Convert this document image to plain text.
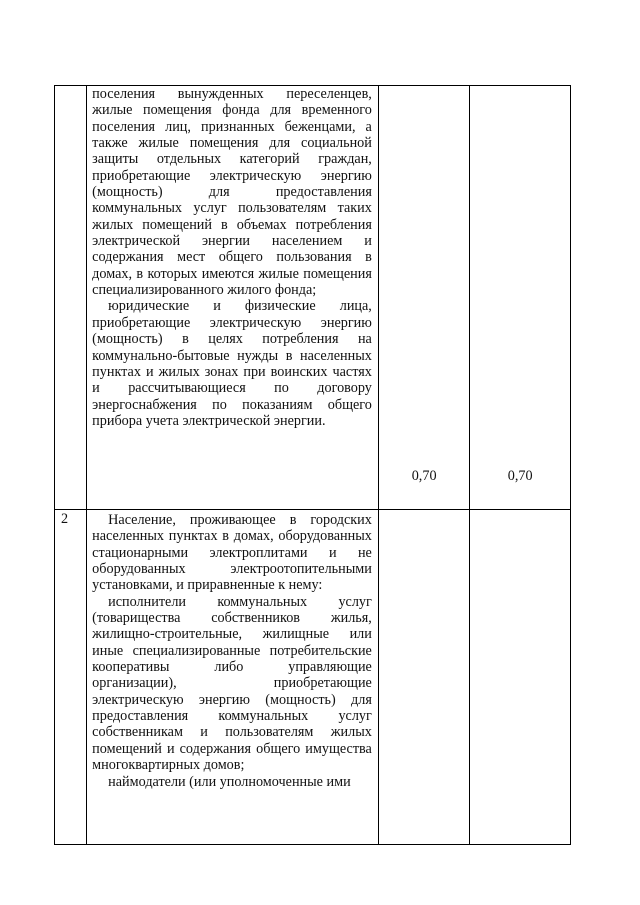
	поселения вынужденных переселенцев, жилые помещения фонда для временного поселения лиц, признанных беженцами, а также жилые помещения для социальной защиты отдельных категорий граждан, приобретающие электрическую энергию (мощность) для предоставления коммунальных услуг пользователям таких жилых помещений в объемах потребления электрической энергии населением и содержания мест общего пользования в домах, в которых имеются жилые помещения специализированного жилого фонда;

юридические и физические лица, приобретающие электрическую энергию (мощность) в целях потребления на коммунально-бытовые нужды в населенных пунктах и жилых зонах при воинских частях и рассчитывающиеся по договору энергоснабжения по показаниям общего прибора учета электрической энергии.	0,70	0,70

2	Население, проживающее в городских населенных пунктах в домах, оборудованных стационарными электроплитами и не оборудованных электроотопительными установками, и приравненные к нему:

исполнители коммунальных услуг (товарищества собственников жилья, жилищно-строительные, жилищные или иные специализированные потребительские кооперативы либо управляющие организации), приобретающие электрическую энергию (мощность) для предоставления коммунальных услуг собственникам и пользователям жилых помещений и содержания общего имущества многоквартирных домов;

наймодатели (или уполномоченные ими		
